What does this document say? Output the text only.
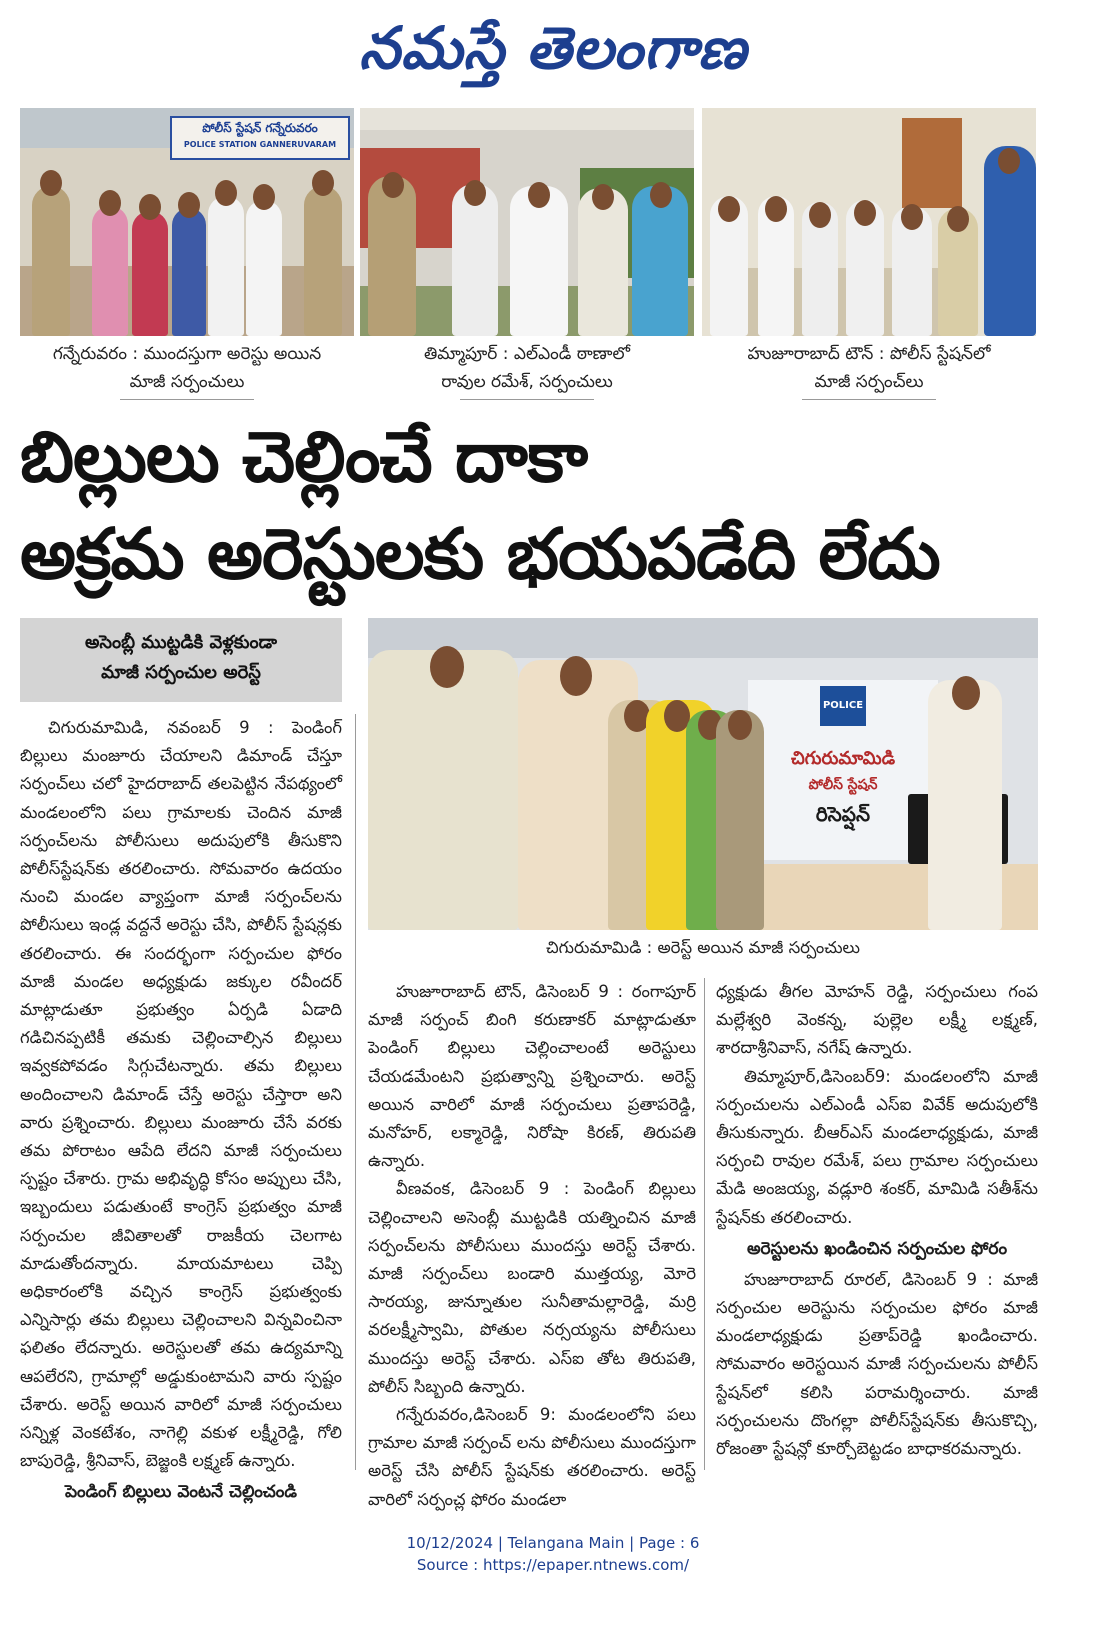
నమస్తే తెలంగాణ
పోలీస్ స్టేషన్ గన్నేరువరం
POLICE STATION GANNERUVARAM
గన్నేరువరం : ముందస్తుగా అరెస్టు అయిన
మాజీ సర్పంచులు
తిమ్మాపూర్ : ఎల్‌ఎండీ ఠాణాలో
రావుల రమేశ్, సర్పంచులు
హుజూరాబాద్ టౌన్ : పోలీస్ స్టేషన్‌లో
మాజీ సర్పంచ్‌లు
బిల్లులు చెల్లించే దాకా
అక్రమ అరెస్టులకు భయపడేది లేదు
అసెంబ్లీ ముట్టడికి వెళ్లకుండా
మాజీ సర్పంచుల అరెస్ట్
POLICE
చిగురుమామిడి
పోలీస్ స్టేషన్
రిసెప్షన్
చిగురుమామిడి : అరెస్ట్ అయిన మాజీ సర్పంచులు

చిగురుమామిడి, నవంబర్ 9 : పెండింగ్ బిల్లులు మంజూరు చేయాలని డిమాండ్ చేస్తూ సర్పంచ్‌లు చలో హైదరాబాద్ తలపెట్టిన నేపథ్యంలో మండలంలోని పలు గ్రామాలకు చెందిన మాజీ సర్పంచ్‌లను పోలీసులు అదుపులోకి తీసుకొని పోలీస్‌స్టేషన్‌కు తరలించారు. సోమవారం ఉదయం నుంచి మండల వ్యాప్తంగా మాజీ సర్పంచ్‌లను పోలీసులు ఇండ్ల వద్దనే అరెస్టు చేసి, పోలీస్ స్టేషన్లకు తరలించారు. ఈ సందర్భంగా సర్పంచుల ఫోరం మాజీ మండల అధ్యక్షుడు జక్కుల రవీందర్ మాట్లాడుతూ ప్రభుత్వం ఏర్పడి ఏడాది గడిచినప్పటికీ తమకు చెల్లించాల్సిన బిల్లులు ఇవ్వకపోవడం సిగ్గుచేటన్నారు. తమ బిల్లులు అందించాలని డిమాండ్ చేస్తే అరెస్టు చేస్తారా అని వారు ప్రశ్నించారు. బిల్లులు మంజూరు చేసే వరకు తమ పోరాటం ఆపేది లేదని మాజీ సర్పంచులు స్పష్టం చేశారు. గ్రామ అభివృద్ధి కోసం అప్పులు చేసి, ఇబ్బందులు పడుతుంటే కాంగ్రెస్ ప్రభుత్వం మాజీ సర్పంచుల జీవితాలతో రాజకీయ చెలగాట మాడుతోందన్నారు. మాయమాటలు చెప్పి అధికారంలోకి వచ్చిన కాంగ్రెస్ ప్రభుత్వంకు ఎన్నిసార్లు తమ బిల్లులు చెల్లించాలని విన్నవించినా ఫలితం లేదన్నారు. అరెస్టులతో తమ ఉద్యమాన్ని ఆపలేరని, గ్రామాల్లో అడ్డుకుంటామని వారు స్పష్టం చేశారు. అరెస్ట్ అయిన వారిలో మాజీ సర్పంచులు సన్నిళ్ల వెంకటేశం, నాగెల్లి వకుళ లక్ష్మీరెడ్డి, గోలి బాపురెడ్డి, శ్రీనివాస్, బెజ్జంకి లక్ష్మణ్ ఉన్నారు.

పెండింగ్ బిల్లులు వెంటనే చెల్లించండి

హుజూరాబాద్ టౌన్, డిసెంబర్ 9 : రంగాపూర్ మాజీ సర్పంచ్ బింగి కరుణాకర్ మాట్లాడుతూ పెండింగ్ బిల్లులు చెల్లించాలంటే అరెస్టులు చేయడమేంటని ప్రభుత్వాన్ని ప్రశ్నించారు. అరెస్ట్ అయిన వారిలో మాజీ సర్పంచులు ప్రతాపరెడ్డి, మనోహర్, లక్మారెడ్డి, నిరోషా కిరణ్, తిరుపతి ఉన్నారు.

వీణవంక, డిసెంబర్ 9 : పెండింగ్ బిల్లులు చెల్లించాలని అసెంబ్లీ ముట్టడికి యత్నించిన మాజీ సర్పంచ్‌లను పోలీసులు ముందస్తు అరెస్ట్ చేశారు. మాజీ సర్పంచ్‌లు బండారి ముత్తయ్య, మోరె సారయ్య, జున్నూతుల సునీతామల్లారెడ్డి, మర్రి వరలక్ష్మీస్వామి, పోతుల నర్సయ్యను పోలీసులు ముందస్తు అరెస్ట్ చేశారు. ఎస్ఐ తోట తిరుపతి, పోలీస్ సిబ్బంది ఉన్నారు.

గన్నేరువరం,డిసెంబర్ 9: మండలంలోని పలు గ్రామాల మాజీ సర్పంచ్ లను పోలీసులు ముందస్తుగా అరెస్ట్ చేసి పోలీస్ స్టేషన్‌కు తరలించారు. అరెస్ట్ వారిలో సర్పంచ్ల ఫోరం మండలా

ధ్యక్షుడు తీగల మోహన్ రెడ్డి, సర్పంచులు గంప మల్లేశ్వరి వెంకన్న, పుల్లెల లక్ష్మీ లక్ష్మణ్, శారదాశ్రీనివాస్, నగేష్ ఉన్నారు.

తిమ్మాపూర్,డిసెంబర్9: మండలంలోని మాజీ సర్పంచులను ఎల్ఎండీ ఎస్ఐ వివేక్ అదుపులోకి తీసుకున్నారు. బీఆర్ఎస్ మండలాధ్యక్షుడు, మాజీ సర్పంచి రావుల రమేశ్, పలు గ్రామాల సర్పంచులు మేడి అంజయ్య, వడ్లూరి శంకర్, మామిడి సతీశ్‌ను స్టేషన్‌కు తరలించారు.

అరెస్టులను ఖండించిన సర్పంచుల ఫోరం

హుజూరాబాద్ రూరల్, డిసెంబర్ 9 : మాజీ సర్పంచుల అరెస్టును సర్పంచుల ఫోరం మాజీ మండలాధ్యక్షుడు ప్రతాప్‌రెడ్డి ఖండించారు. సోమవారం అరెస్టయిన మాజీ సర్పంచులను పోలీస్ స్టేషన్‌లో కలిసి పరామర్శించారు. మాజీ సర్పంచులను దొంగల్లా పోలీస్‌స్టేషన్‌కు తీసుకొచ్చి, రోజంతా స్టేషన్లో కూర్చోబెట్టడం బాధాకరమన్నారు.

10/12/2024 | Telangana Main | Page : 6
Source : https://epaper.ntnews.com/
